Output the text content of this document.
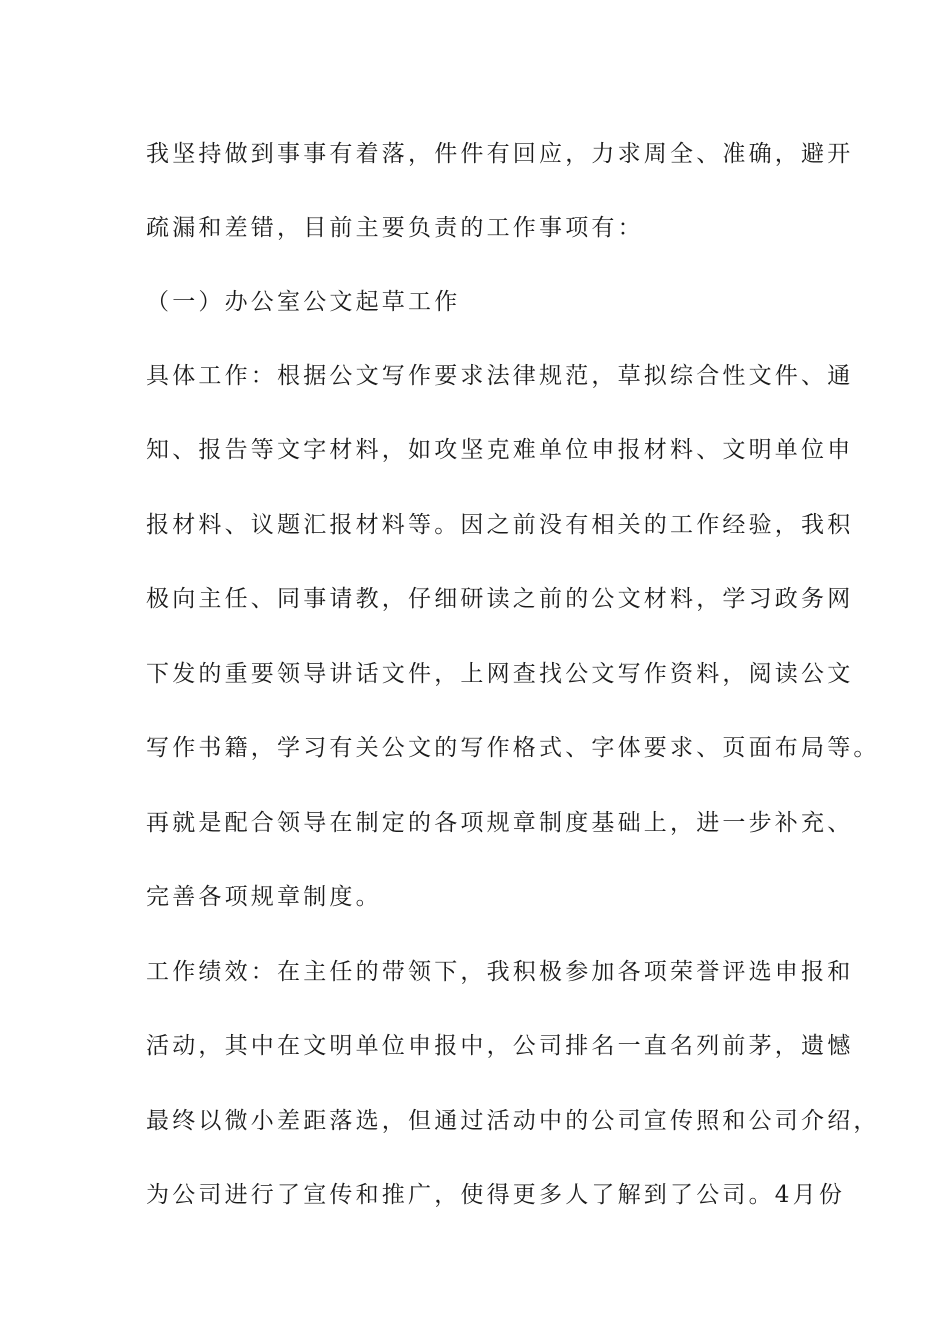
我坚持做到事事有着落，件件有回应，力求周全、准确，避开
疏漏和差错，目前主要负责的工作事项有：
（一）办公室公文起草工作
具体工作：根据公文写作要求法律规范，草拟综合性文件、通
知、报告等文字材料，如攻坚克难单位申报材料、文明单位申
报材料、议题汇报材料等。因之前没有相关的工作经验，我积
极向主任、同事请教，仔细研读之前的公文材料，学习政务网
下发的重要领导讲话文件，上网查找公文写作资料，阅读公文
写作书籍，学习有关公文的写作格式、字体要求、页面布局等。
再就是配合领导在制定的各项规章制度基础上，进一步补充、
完善各项规章制度。
工作绩效：在主任的带领下，我积极参加各项荣誉评选申报和
活动，其中在文明单位申报中，公司排名一直名列前茅，遗憾
最终以微小差距落选，但通过活动中的公司宣传照和公司介绍，
为公司进行了宣传和推广，使得更多人了解到了公司。4月份
